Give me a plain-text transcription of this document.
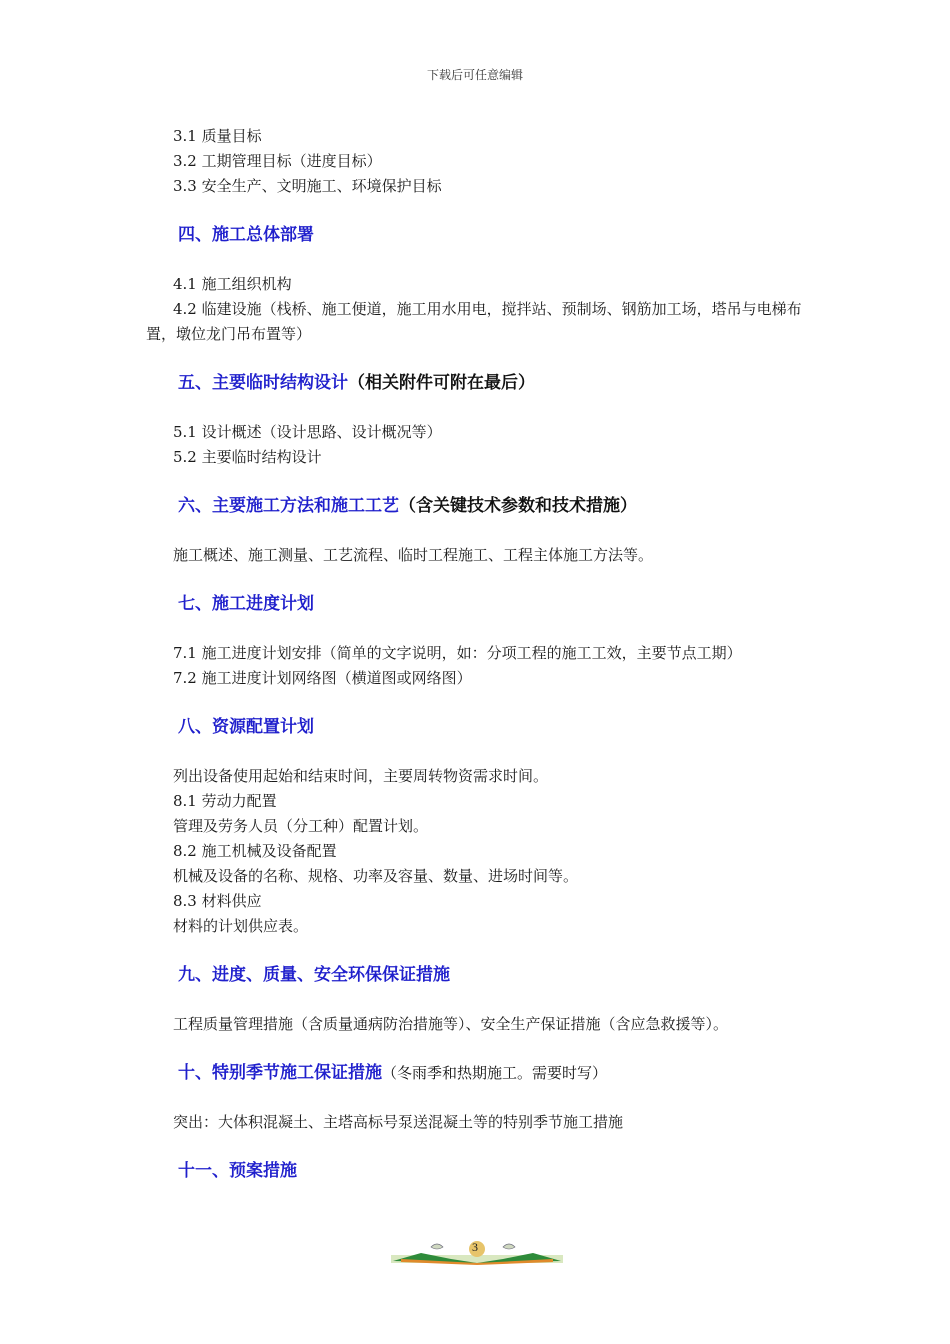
下载后可任意编辑

3.1 质量目标

3.2 工期管理目标（进度目标）

3.3 安全生产、文明施工、环境保护目标

四、施工总体部署

4.1 施工组织机构

4.2 临建设施（栈桥、施工便道，施工用水用电，搅拌站、预制场、钢筋加工场，塔吊与电梯布置，墩位龙门吊布置等）

五、主要临时结构设计（相关附件可附在最后）

5.1 设计概述（设计思路、设计概况等）

5.2 主要临时结构设计

六、主要施工方法和施工工艺（含关键技术参数和技术措施）

施工概述、施工测量、工艺流程、临时工程施工、工程主体施工方法等。

七、施工进度计划

7.1 施工进度计划安排（简单的文字说明，如：分项工程的施工工效，主要节点工期）

7.2 施工进度计划网络图（横道图或网络图）

八、资源配置计划

列出设备使用起始和结束时间，主要周转物资需求时间。

8.1 劳动力配置

管理及劳务人员（分工种）配置计划。

8.2 施工机械及设备配置

机械及设备的名称、规格、功率及容量、数量、进场时间等。

8.3 材料供应

材料的计划供应表。

九、进度、质量、安全环保保证措施

工程质量管理措施（含质量通病防治措施等）、安全生产保证措施（含应急救援等）。

十、特别季节施工保证措施（冬雨季和热期施工。需要时写）

突出：大体积混凝土、主塔高标号泵送混凝土等的特别季节施工措施

十一、预案措施
3
